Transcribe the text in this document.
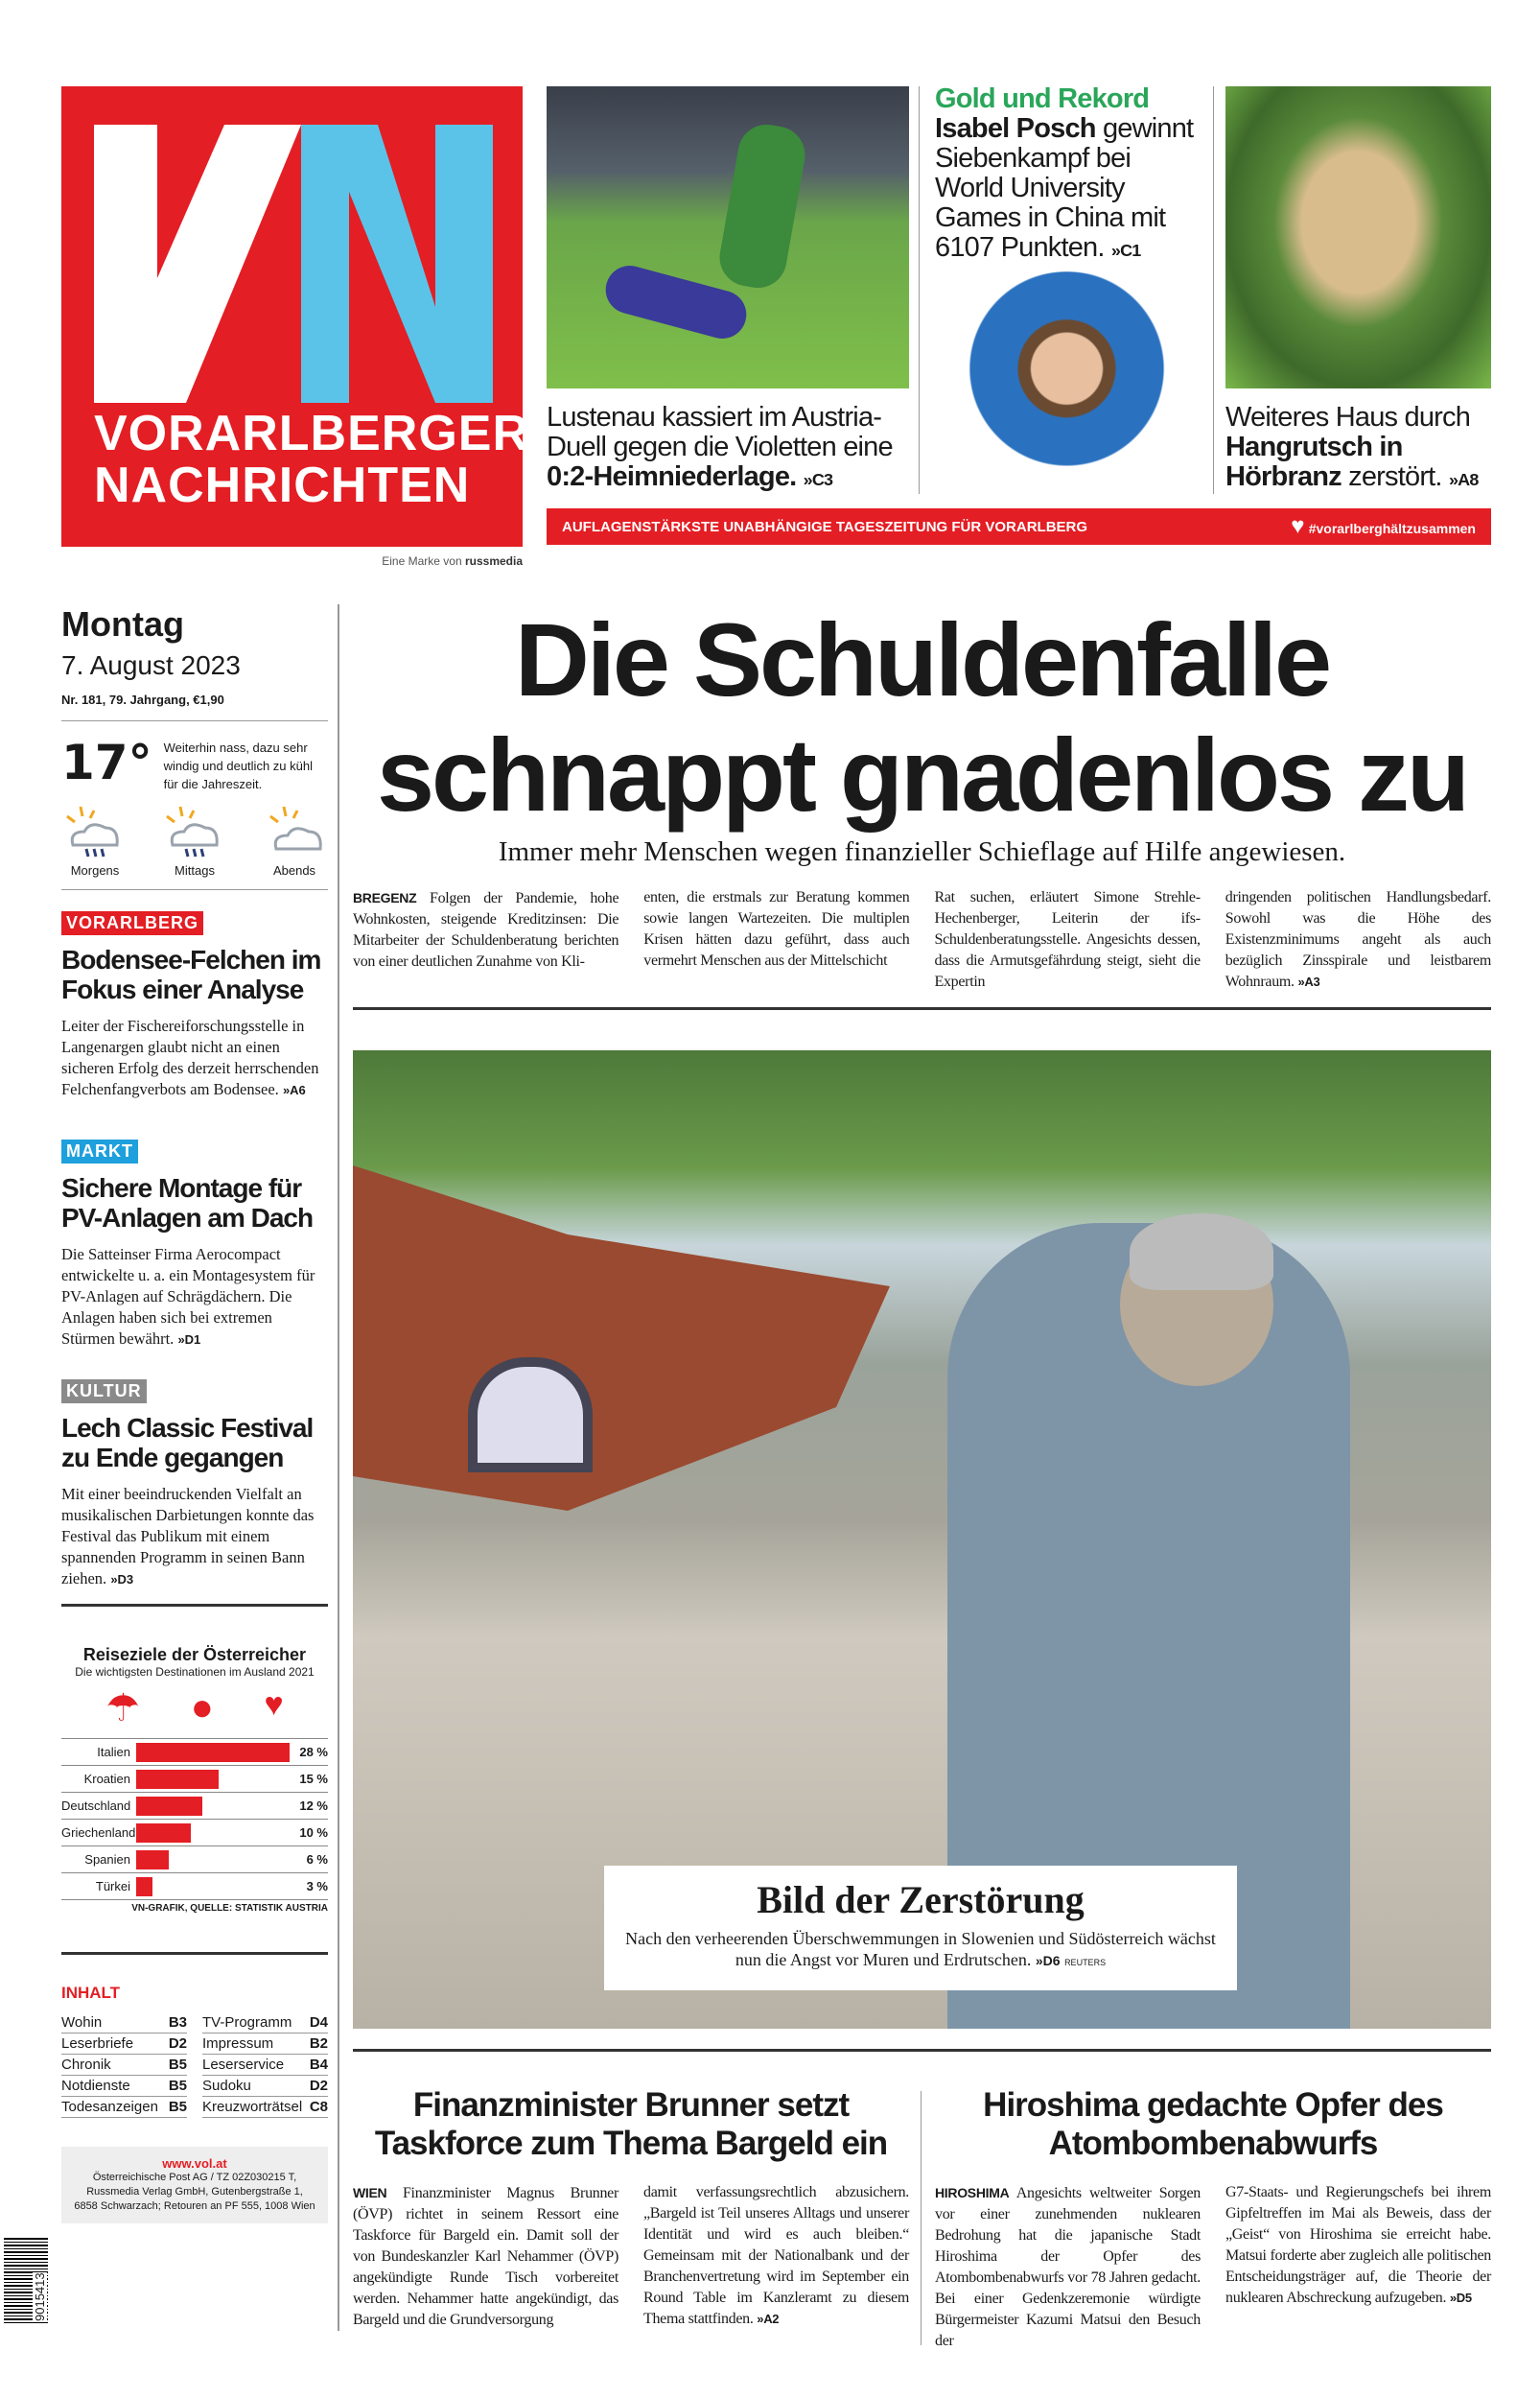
VORARLBERGER
NACHRICHTEN
Eine Marke von russmedia
Lustenau kassiert im Austria-Duell gegen die Violetten eine 0:2-Heimniederlage. »C3
Gold und Rekord
Isabel Posch gewinnt Siebenkampf bei World University Games in China mit 6107 Punkten. »C1
Weiteres Haus durch Hangrutsch in Hörbranz zerstört. »A8
AUFLAGENSTÄRKSTE UNABHÄNGIGE TAGESZEITUNG FÜR VORARLBERG	♥ #vorarlberghältzusammen
Montag
7. August 2023
Nr. 181, 79. Jahrgang, €1,90
17° Weiterhin nass, dazu sehr windig und deutlich zu kühl für die Jahreszeit.
Morgens	Mittags	Abends
VORARLBERG
Bodensee-Felchen im Fokus einer Analyse
Leiter der Fischereiforschungsstelle in Langenargen glaubt nicht an einen sicheren Erfolg des derzeit herrschenden Felchenfangverbots am Bodensee. »A6
MARKT
Sichere Montage für PV-Anlagen am Dach
Die Satteinser Firma Aerocompact entwickelte u. a. ein Montagesystem für PV-Anlagen auf Schrägdächern. Die Anlagen haben sich bei extremen Stürmen bewährt. »D1
KULTUR
Lech Classic Festival zu Ende gegangen
Mit einer beeindruckenden Vielfalt an musikalischen Darbietungen konnte das Festival das Publikum mit einem spannenden Programm in seinen Bann ziehen. »D3
Reiseziele der Österreicher
Die wichtigsten Destinationen im Ausland 2021
☂ ● ♥
Italien	28 %
Kroatien	15 %
Deutschland	12 %
Griechenland	10 %
Spanien	6 %
Türkei	3 %
VN-GRAFIK, QUELLE: STATISTIK AUSTRIA
INHALT
Wohin	B3 TV-Programm D4
Leserbriefe D2 Impressum	B2
Chronik	B5 Leserservice B4
Notdienste	B5 Sudoku	D2
Todesanzeigen B5 Kreuzworträtsel C8
www.vol.at
Österreichische Post AG / TZ 02Z030215 T,
Russmedia Verlag GmbH, Gutenbergstraße 1,
6858 Schwarzach; Retouren an PF 555, 1008 Wien
9015413
Die Schuldenfalle
schnappt gnadenlos zu
Immer mehr Menschen wegen finanzieller Schieflage auf Hilfe angewiesen.

BREGENZ Folgen der Pandemie, hohe Wohnkosten, steigende Kreditzinsen: Die Mitarbeiter der Schuldenberatung berichten von einer deutlichen Zunahme von Kli-

enten, die erstmals zur Beratung kommen sowie langen Wartezeiten. Die multiplen Krisen hätten dazu geführt, dass auch vermehrt Menschen aus der Mittelschicht

Rat suchen, erläutert Simone Strehle-Hechenberger, Leiterin der ifs-Schuldenberatungsstelle. Angesichts dessen, dass die Armutsgefährdung steigt, sieht die Expertin

dringenden politischen Handlungsbedarf. Sowohl was die Höhe des Existenzminimums angeht als auch bezüglich Zinsspirale und leistbarem Wohnraum. »A3

Bild der Zerstörung
Nach den verheerenden Überschwemmungen in Slowenien und Südösterreich wächst nun die Angst vor Muren und Erdrutschen. »D6 REUTERS
Finanzminister Brunner setzt Taskforce zum Thema Bargeld ein

WIEN Finanzminister Magnus Brunner (ÖVP) richtet in seinem Ressort eine Taskforce für Bargeld ein. Damit soll der von Bundeskanzler Karl Nehammer (ÖVP) angekündigte Runde Tisch vorbereitet werden. Nehammer hatte angekündigt, das Bargeld und die Grundversorgung

damit verfassungsrechtlich abzusichern. „Bargeld ist Teil unseres Alltags und unserer Identität und wird es auch bleiben.“ Gemeinsam mit der Nationalbank und der Branchenvertretung wird im September ein Round Table im Kanzleramt zu diesem Thema stattfinden. »A2

Hiroshima gedachte Opfer des Atombombenabwurfs

HIROSHIMA Angesichts weltweiter Sorgen vor einer zunehmenden nuklearen Bedrohung hat die japanische Stadt Hiroshima der Opfer des Atombombenabwurfs vor 78 Jahren gedacht. Bei einer Gedenkzeremonie würdigte Bürgermeister Kazumi Matsui den Besuch der

G7-Staats- und Regierungschefs bei ihrem Gipfeltreffen im Mai als Beweis, dass der „Geist“ von Hiroshima sie erreicht habe. Matsui forderte aber zugleich alle politischen Entscheidungsträger auf, die Theorie der nuklearen Abschreckung aufzugeben. »D5
